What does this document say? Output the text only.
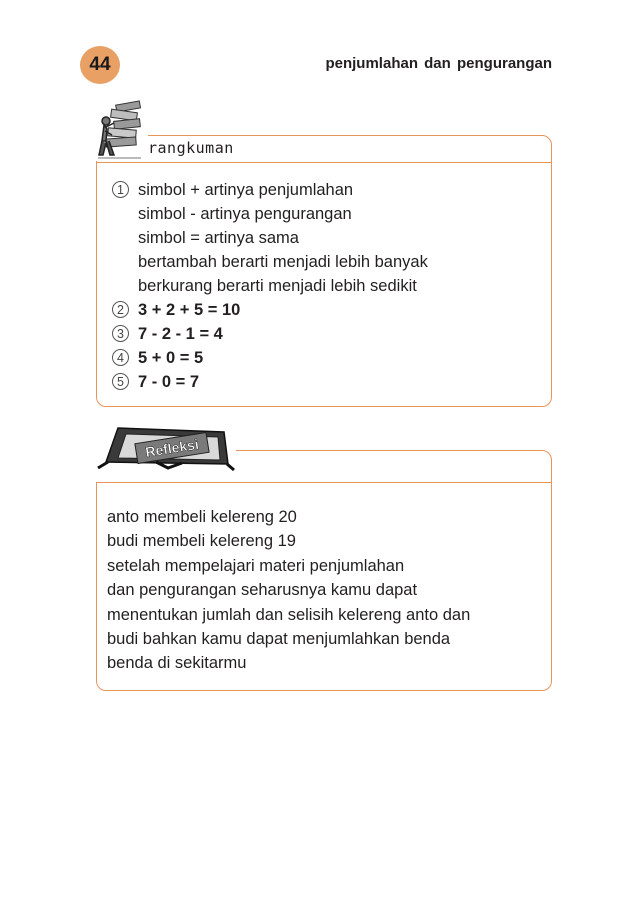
44	penjumlahan dan pengurangan
rangkuman
1 simbol + artinya penjumlahan
simbol - artinya pengurangan
simbol = artinya sama
bertambah berarti menjadi lebih banyak
berkurang berarti menjadi lebih sedikit
2 3 + 2 + 5 = 10
3 7 - 2 - 1 = 4
4 5 + 0 = 5
5 7 - 0 = 7
Refleksi
anto membeli kelereng 20
budi membeli kelereng 19
setelah mempelajari materi penjumlahan
dan pengurangan seharusnya kamu dapat
menentukan jumlah dan selisih kelereng anto dan
budi bahkan kamu dapat menjumlahkan benda
benda di sekitarmu
